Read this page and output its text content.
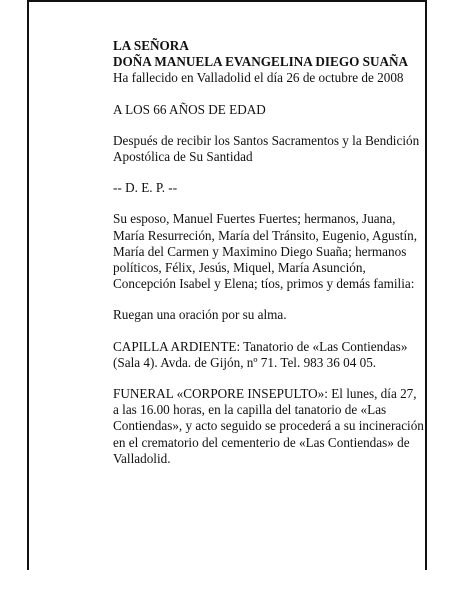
LA SEÑORA

DOÑA MANUELA EVANGELINA DIEGO SUAÑA

Ha fallecido en Valladolid el día 26 de octubre de 2008

A LOS 66 AÑOS DE EDAD

Después de recibir los Santos Sacramentos y la Bendición Apostólica de Su Santidad

-- D. E. P. --

Su esposo, Manuel Fuertes Fuertes; hermanos, Juana, María Resurreción, María del Tránsito, Eugenio, Agustín, María del Carmen y Maximino Diego Suaña; hermanos políticos, Félix, Jesús, Miquel, María Asunción, Concepción Isabel y Elena; tíos, primos y demás familia:

Ruegan una oración por su alma.

CAPILLA ARDIENTE: Tanatorio de «Las Contiendas» (Sala 4). Avda. de Gijón, nº 71. Tel. 983 36 04 05.

FUNERAL «CORPORE INSEPULTO»: El lunes, día 27, a las 16.00 horas, en la capilla del tanatorio de «Las Contiendas», y acto seguido se procederá a su incineración en el crematorio del cementerio de «Las Contiendas» de Valladolid.
